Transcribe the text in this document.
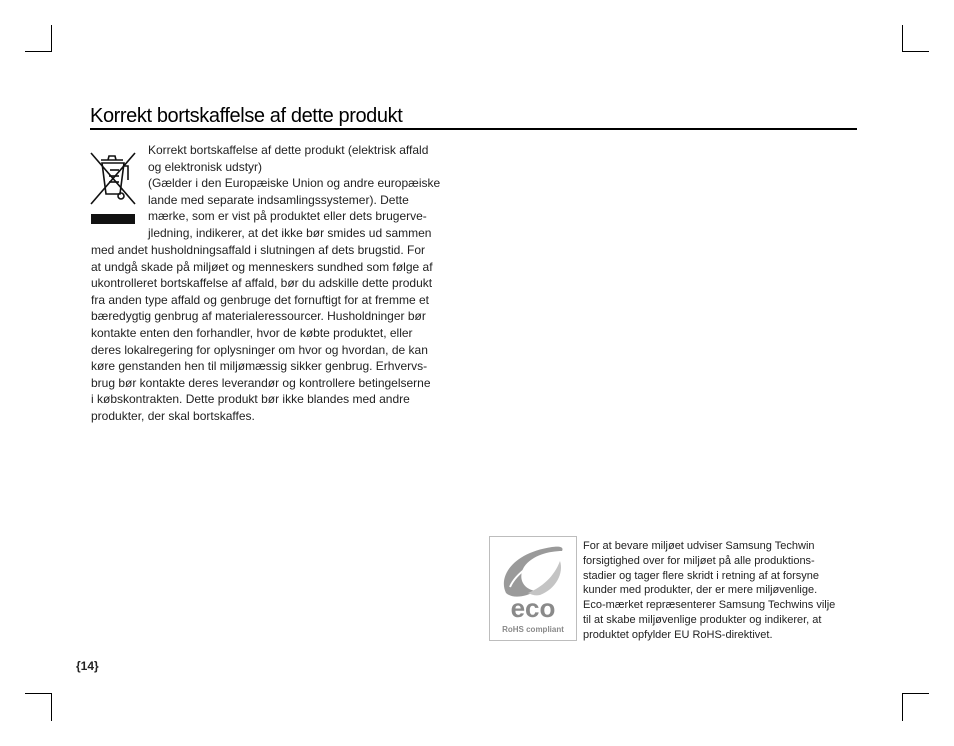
Korrekt bortskaffelse af dette produkt
Korrekt bortskaffelse af dette produkt (elektrisk affald
og elektronisk udstyr)
(Gælder i den Europæiske Union og andre europæiske
lande med separate indsamlingssystemer). Dette
mærke, som er vist på produktet eller dets brugerve-
jledning, indikerer, at det ikke bør smides ud sammen
med andet husholdningsaffald i slutningen af dets brugstid. For
at undgå skade på miljøet og menneskers sundhed som følge af
ukontrolleret bortskaffelse af affald, bør du adskille dette produkt
fra anden type affald og genbruge det fornuftigt for at fremme et
bæredygtig genbrug af materialeressourcer. Husholdninger bør
kontakte enten den forhandler, hvor de købte produktet, eller
deres lokalregering for oplysninger om hvor og hvordan, de kan
køre genstanden hen til miljømæssig sikker genbrug. Erhvervs-
brug bør kontakte deres leverandør og kontrollere betingelserne
i købskontrakten. Dette produkt bør ikke blandes med andre
produkter, der skal bortskaffes.
eco
RoHS compliant
For at bevare miljøet udviser Samsung Techwin
forsigtighed over for miljøet på alle produktions-
stadier og tager flere skridt i retning af at forsyne
kunder med produkter, der er mere miljøvenlige.
Eco-mærket repræsenterer Samsung Techwins vilje
til at skabe miljøvenlige produkter og indikerer, at
produktet opfylder EU RoHS-direktivet.
{14}
